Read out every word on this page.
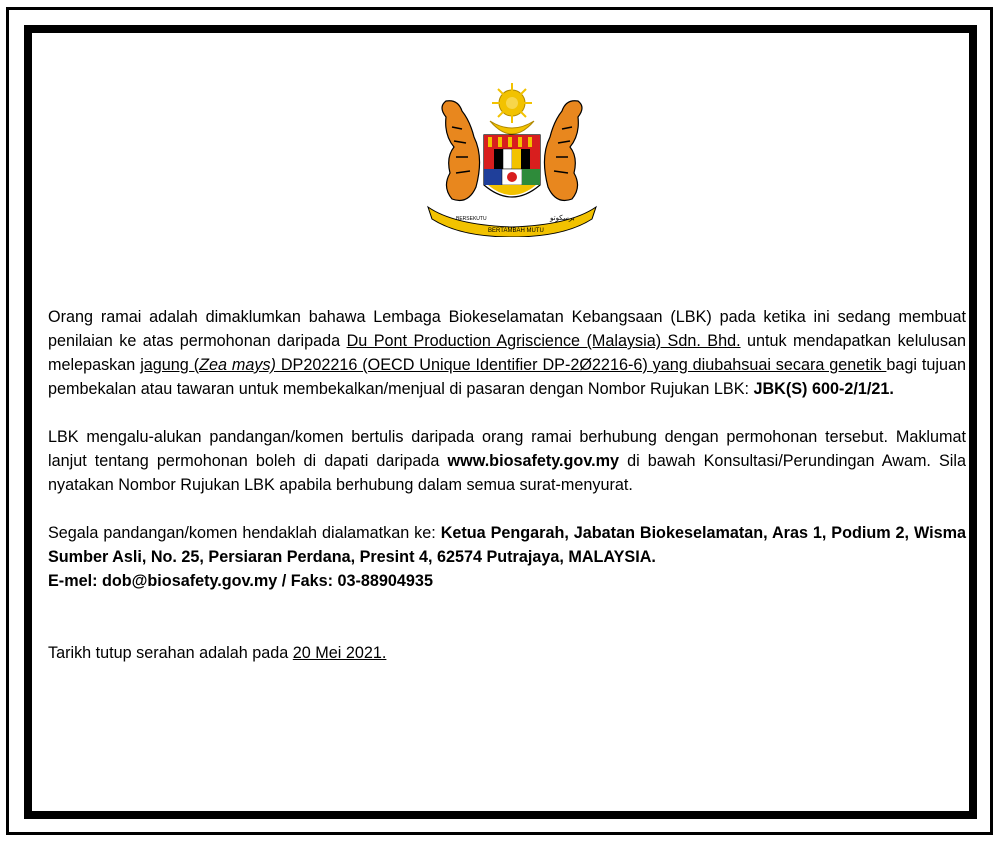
BERSEKUTU
BERTAMBAH MUTU
برسکوتو

Orang ramai adalah dimaklumkan bahawa Lembaga Biokeselamatan Kebangsaan (LBK) pada ketika ini sedang membuat penilaian ke atas permohonan daripada Du Pont Production Agriscience (Malaysia) Sdn. Bhd. untuk mendapatkan kelulusan melepaskan jagung (Zea mays) DP202216 (OECD Unique Identifier DP-2Ø2216-6) yang diubahsuai secara genetik bagi tujuan pembekalan atau tawaran untuk membekalkan/menjual di pasaran dengan Nombor Rujukan LBK: JBK(S) 600-2/1/21.

LBK mengalu-alukan pandangan/komen bertulis daripada orang ramai berhubung dengan permohonan tersebut. Maklumat lanjut tentang permohonan boleh di dapati daripada www.biosafety.gov.my di bawah Konsultasi/Perundingan Awam. Sila nyatakan Nombor Rujukan LBK apabila berhubung dalam semua surat-menyurat.

Segala pandangan/komen hendaklah dialamatkan ke: Ketua Pengarah, Jabatan Biokeselamatan, Aras 1, Podium 2, Wisma Sumber Asli, No. 25, Persiaran Perdana, Presint 4, 62574 Putrajaya, MALAYSIA.

E-mel: dob@biosafety.gov.my / Faks: 03-88904935

Tarikh tutup serahan adalah pada 20 Mei 2021.
